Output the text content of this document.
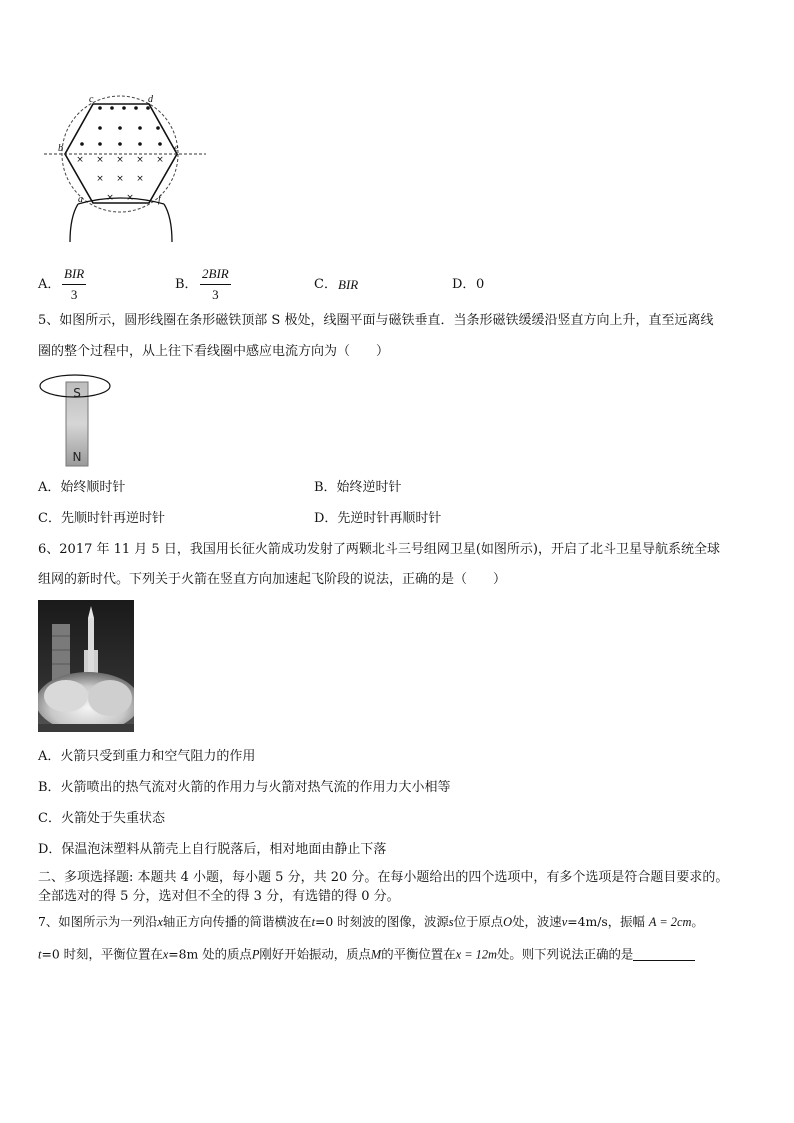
× × × × ×
× × ×
× ×
c	d
b	e
a	f
A．
BIR
3
B．
2BIR
3
C． BIR	D． 0
5、如图所示，圆形线圈在条形磁铁顶部 S 极处，线圈平面与磁铁垂直．当条形磁铁缓缓沿竖直方向上升，直至远离线
圈的整个过程中，从上往下看线圈中感应电流方向为（　　）
S
N
A．始终顺时针	B．始终逆时针
C．先顺时针再逆时针	D．先逆时针再顺时针
6、2017 年 11 月 5 日，我国用长征火箭成功发射了两颗北斗三号组网卫星(如图所示)，开启了北斗卫星导航系统全球
组网的新时代。下列关于火箭在竖直方向加速起飞阶段的说法，正确的是（　　）
A．火箭只受到重力和空气阻力的作用
B．火箭喷出的热气流对火箭的作用力与火箭对热气流的作用力大小相等
C．火箭处于失重状态
D．保温泡沫塑料从箭壳上自行脱落后，相对地面由静止下落
二、多项选择题: 本题共 4 小题，每小题 5 分，共 20 分。在每小题给出的四个选项中，有多个选项是符合题目要求的。
全部选对的得 5 分，选对但不全的得 3 分，有选错的得 0 分。
7、如图所示为一列沿x轴正方向传播的简谐横波在t=0 时刻波的图像，波源s位于原点O处，波速v=4m/s，振幅 A = 2cm。
t=0 时刻，平衡位置在x=8m 处的质点P刚好开始振动，质点M的平衡位置在x = 12m处。则下列说法正确的是
